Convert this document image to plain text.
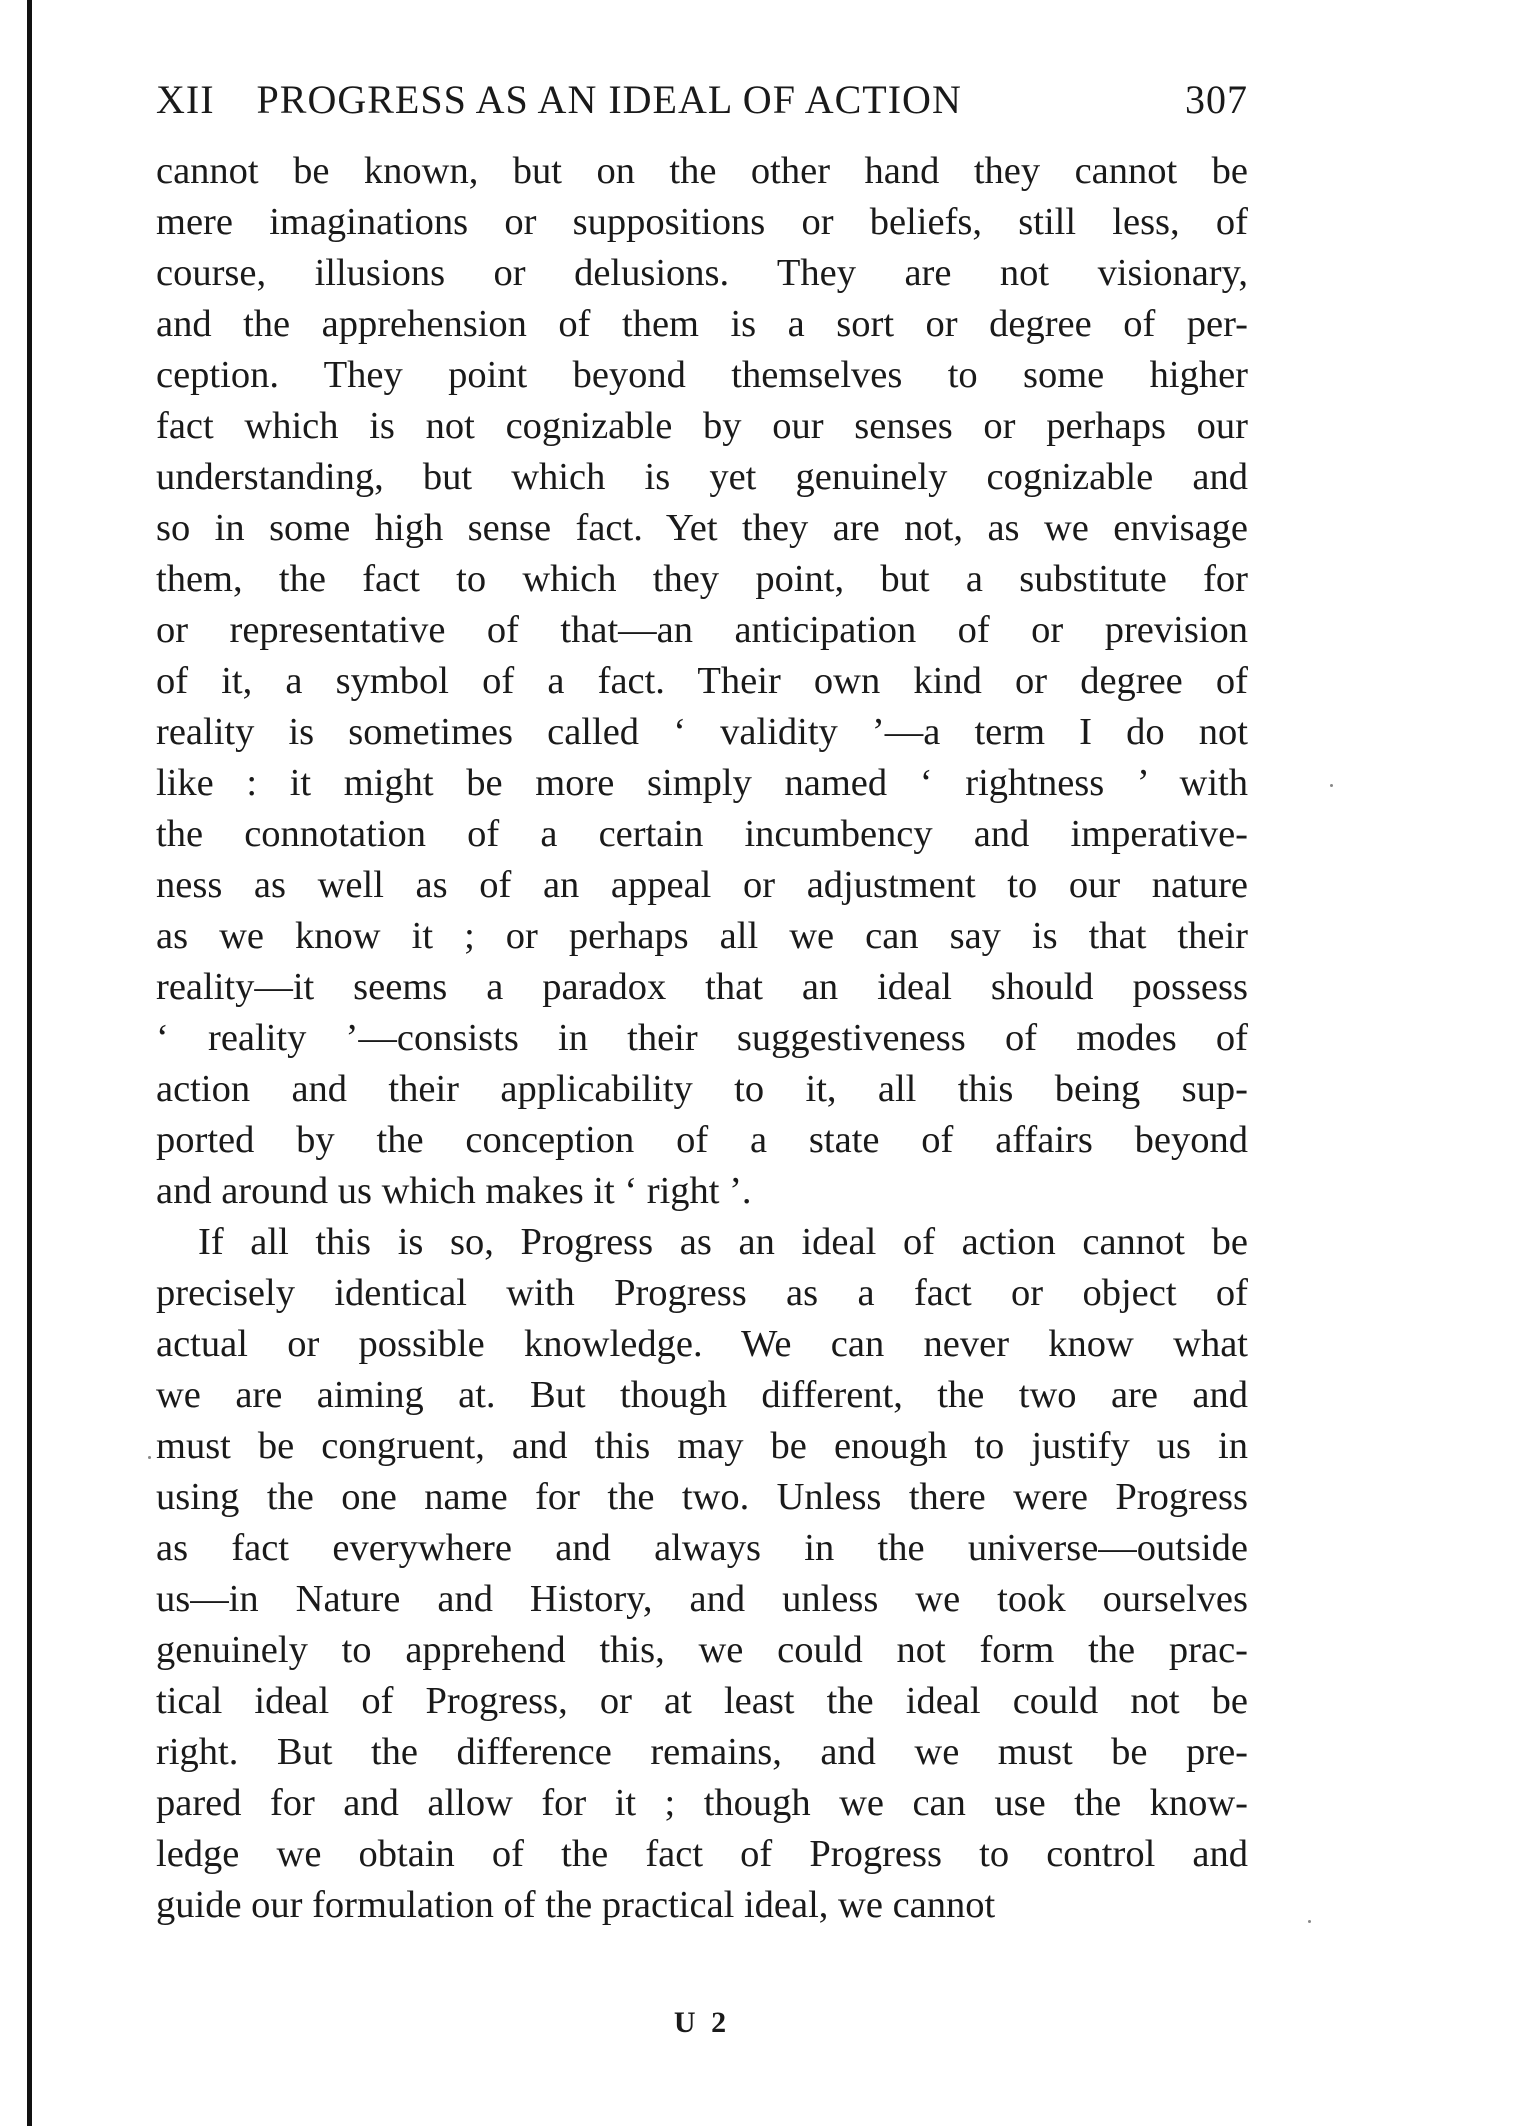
XII	PROGRESS AS AN IDEAL OF ACTION	307
cannot be known, but on the other hand they cannot be
mere imaginations or suppositions or beliefs, still less, of
course, illusions or delusions. They are not visionary,
and the apprehension of them is a sort or degree of per-
ception. They point beyond themselves to some higher
fact which is not cognizable by our senses or perhaps our
understanding, but which is yet genuinely cognizable and
so in some high sense fact. Yet they are not, as we envisage
them, the fact to which they point, but a substitute for
or representative of that—an anticipation of or prevision
of it, a symbol of a fact. Their own kind or degree of
reality is sometimes called ‘ validity ’—a term I do not
like : it might be more simply named ‘ rightness ’ with
the connotation of a certain incumbency and imperative-
ness as well as of an appeal or adjustment to our nature
as we know it ; or perhaps all we can say is that their
reality—it seems a paradox that an ideal should possess
‘ reality ’—consists in their suggestiveness of modes of
action and their applicability to it, all this being sup-
ported by the conception of a state of affairs beyond
and around us which makes it ‘ right ’.
If all this is so, Progress as an ideal of action cannot be
precisely identical with Progress as a fact or object of
actual or possible knowledge. We can never know what
we are aiming at. But though different, the two are and
must be congruent, and this may be enough to justify us in
using the one name for the two. Unless there were Progress
as fact everywhere and always in the universe—outside
us—in Nature and History, and unless we took ourselves
genuinely to apprehend this, we could not form the prac-
tical ideal of Progress, or at least the ideal could not be
right. But the difference remains, and we must be pre-
pared for and allow for it ; though we can use the know-
ledge we obtain of the fact of Progress to control and
guide our formulation of the practical ideal, we cannot
U 2
